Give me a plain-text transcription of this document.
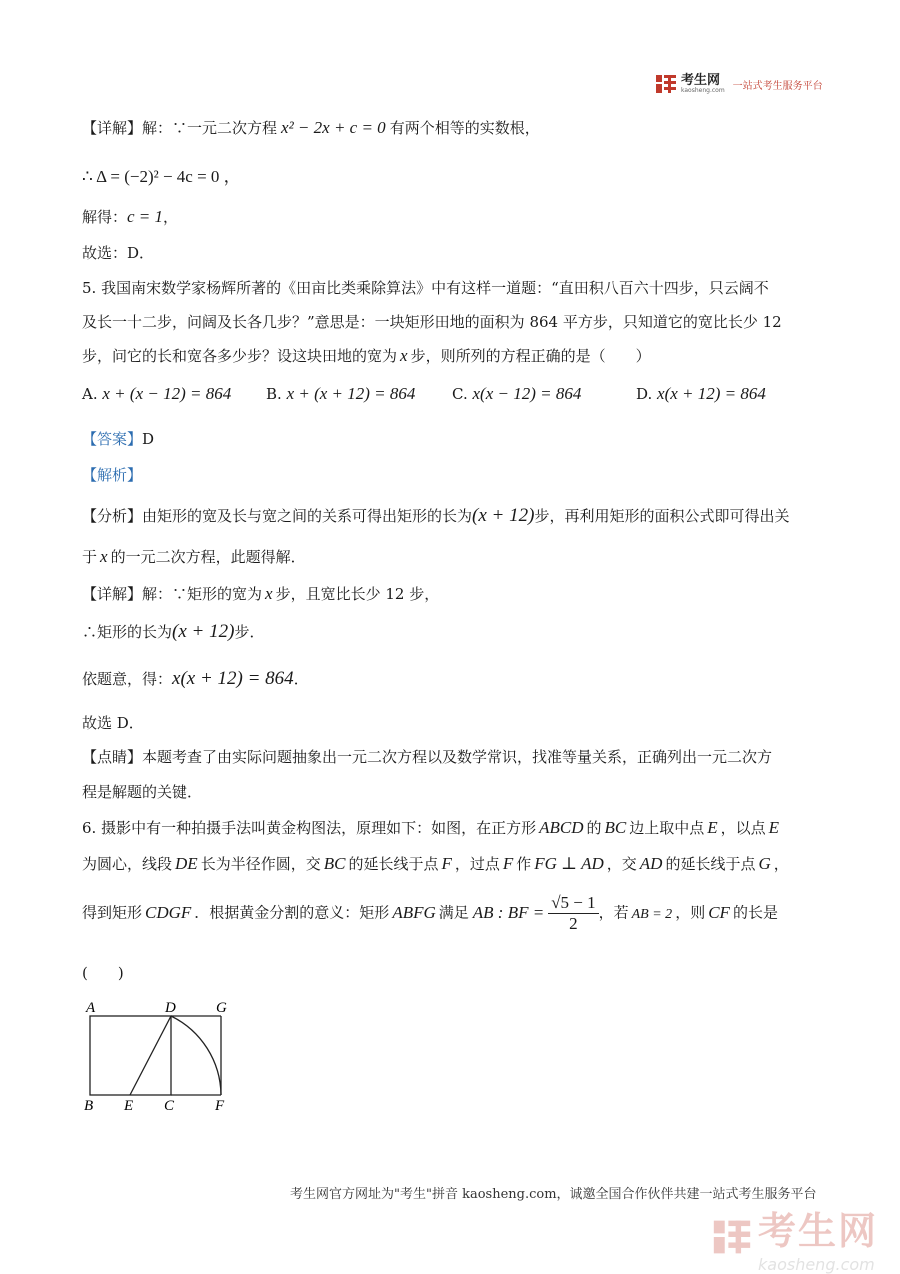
考生网
kaosheng.com 一站式考生服务平台
【详解】解：∵一元二次方程 x² − 2x + c = 0 有两个相等的实数根，
∴ Δ = (−2)² − 4c = 0 ，
解得：c = 1，
故选：D．
5. 我国南宋数学家杨辉所著的《田亩比类乘除算法》中有这样一道题：“直田积八百六十四步，只云阔不
及长一十二步，问阔及长各几步？”意思是：一块矩形田地的面积为 864 平方步，只知道它的宽比长少 12
步，问它的长和宽各多少步？设这块田地的宽为 x 步，则所列的方程正确的是（　　）
A. x + (x − 12) = 864 B. x + (x + 12) = 864 C. x(x − 12) = 864	D. x(x + 12) = 864
【答案】D
【解析】
【分析】由矩形的宽及长与宽之间的关系可得出矩形的长为(x + 12)步，再利用矩形的面积公式即可得出关
于 x 的一元二次方程，此题得解．
【详解】解：∵矩形的宽为 x 步，且宽比长少 12 步，
∴矩形的长为(x + 12)步．
依题意，得：x(x + 12) = 864．
故选 D．
【点睛】本题考查了由实际问题抽象出一元二次方程以及数学常识，找准等量关系，正确列出一元二次方
程是解题的关键．
6. 摄影中有一种拍摄手法叫黄金构图法，原理如下：如图，在正方形 ABCD 的 BC 边上取中点 E ，以点 E
为圆心，线段 DE 长为半径作圆，交 BC 的延长线于点 F ，过点 F 作 FG ⊥ AD ，交 AD 的延长线于点 G ，
得到矩形 CDGF ．根据黄金分割的意义：矩形 ABFG 满足 AB : BF = $\frac{√5 - 1}{2}$ ，若 AB = 2 ，则 CF 的长是
(　　)
A	D	G
B E C	F
考生网官方网址为"考生"拼音 kaosheng.com，诚邀全国合作伙伴共建一站式考生服务平台
考生网
kaosheng.com
